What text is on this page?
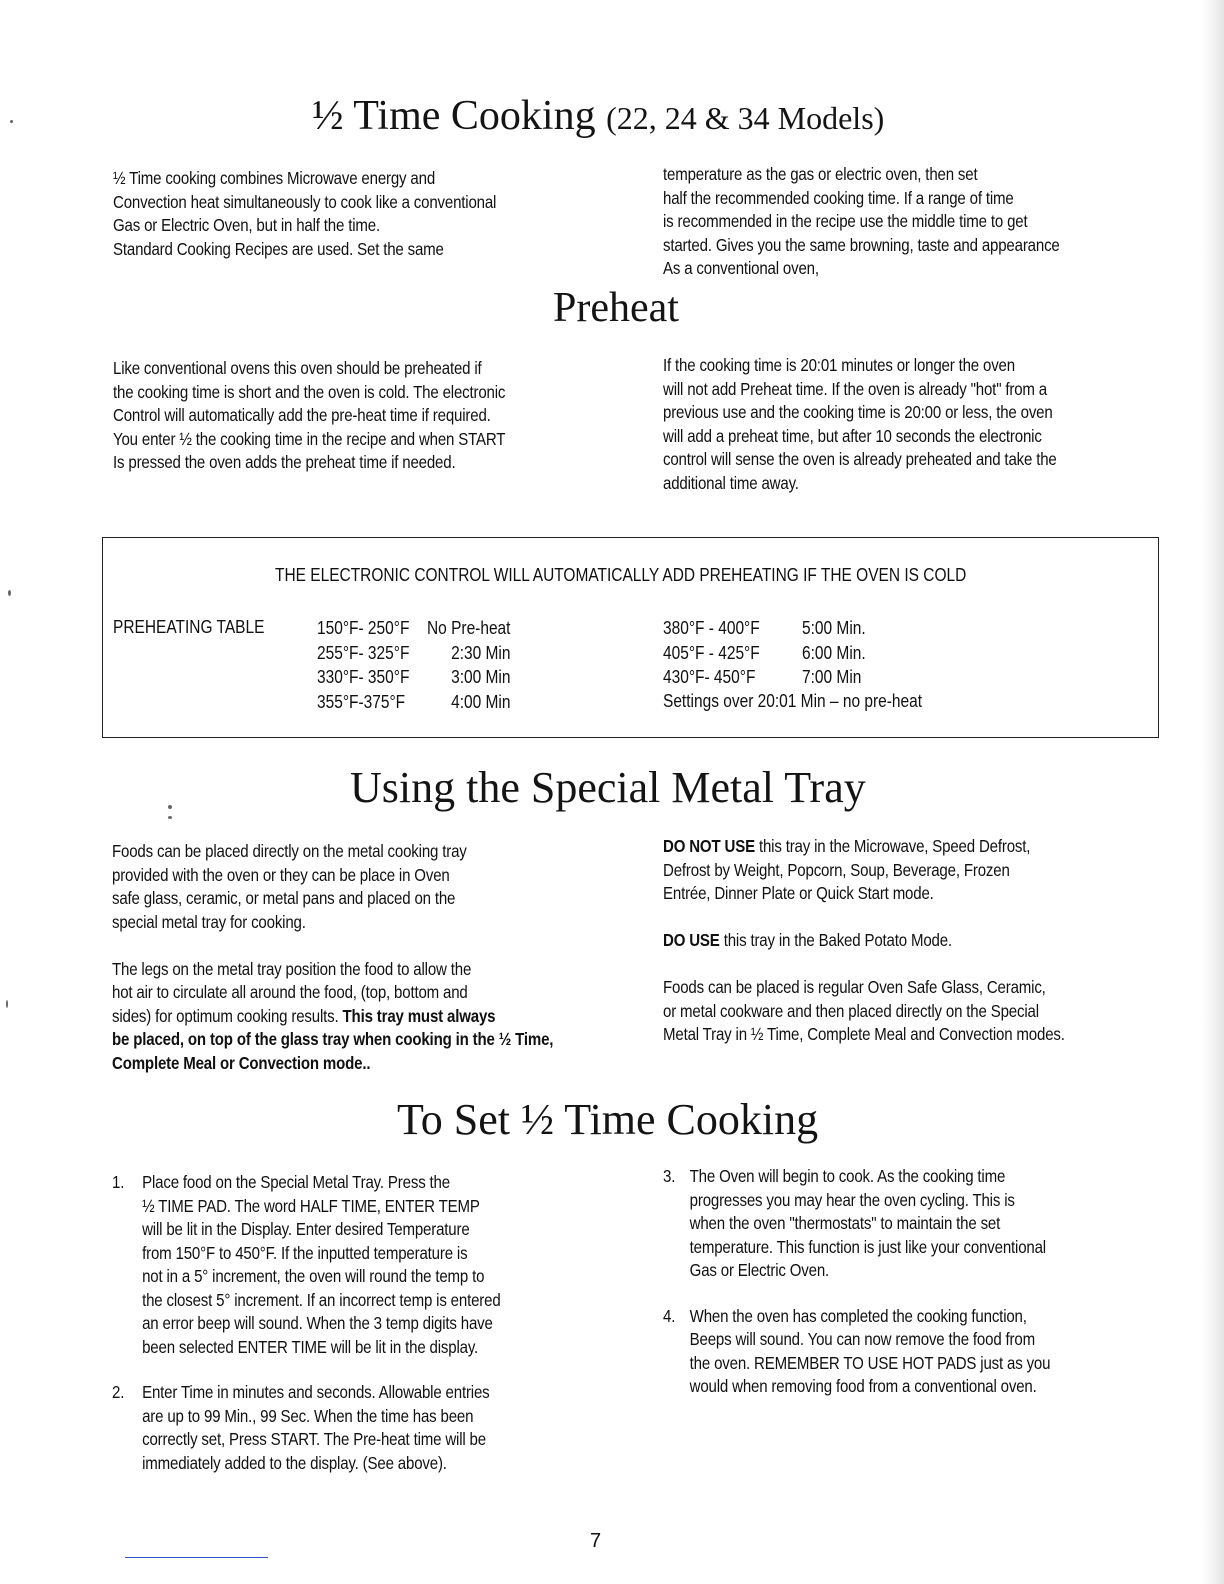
½ Time Cooking (22, 24 & 34 Models)

½ Time cooking combines Microwave energy and

Convection heat simultaneously to cook like a conventional

Gas or Electric Oven, but in half the time.

Standard Cooking Recipes are used. Set the same

temperature as the gas or electric oven, then set

half the recommended cooking time. If a range of time

is recommended in the recipe use the middle time to get

started. Gives you the same browning, taste and appearance

As a conventional oven,

Preheat

Like conventional ovens this oven should be preheated if

the cooking time is short and the oven is cold. The electronic

Control will automatically add the pre-heat time if required.

You enter ½ the cooking time in the recipe and when START

Is pressed the oven adds the preheat time if needed.

If the cooking time is 20:01 minutes or longer the oven

will not add Preheat time. If the oven is already "hot" from a

previous use and the cooking time is 20:00 or less, the oven

will add a preheat time, but after 10 seconds the electronic

control will sense the oven is already preheated and take the

additional time away.

THE ELECTRONIC CONTROL WILL AUTOMATICALLY ADD PREHEATING IF THE OVEN IS COLD
PREHEATING TABLE	150°F- 250°F
255°F- 325°F
330°F- 350°F
355°F-375°F
No Pre-heat
2:30 Min
3:00 Min
4:00 Min
380°F - 400°F
405°F - 425°F
430°F- 450°F
5:00 Min.
6:00 Min.
7:00 Min
Settings over 20:01 Min – no pre-heat
Using the Special Metal Tray

Foods can be placed directly on the metal cooking tray

provided with the oven or they can be place in Oven

safe glass, ceramic, or metal pans and placed on the

special metal tray for cooking.

The legs on the metal tray position the food to allow the

hot air to circulate all around the food, (top, bottom and

sides) for optimum cooking results. This tray must always

be placed, on top of the glass tray when cooking in the ½ Time,

Complete Meal or Convection mode..

DO NOT USE this tray in the Microwave, Speed Defrost,

Defrost by Weight, Popcorn, Soup, Beverage, Frozen

Entrée, Dinner Plate or Quick Start mode.

DO USE this tray in the Baked Potato Mode.

Foods can be placed is regular Oven Safe Glass, Ceramic,

or metal cookware and then placed directly on the Special

Metal Tray in ½ Time, Complete Meal and Convection modes.

To Set ½ Time Cooking
1. Place food on the Special Metal Tray. Press the

½ TIME PAD. The word HALF TIME, ENTER TEMP

will be lit in the Display. Enter desired Temperature

from 150°F to 450°F. If the inputted temperature is

not in a 5° increment, the oven will round the temp to

the closest 5° increment. If an incorrect temp is entered

an error beep will sound. When the 3 temp digits have

been selected ENTER TIME will be lit in the display.

2. Enter Time in minutes and seconds. Allowable entries

are up to 99 Min., 99 Sec. When the time has been

correctly set, Press START. The Pre-heat time will be

immediately added to the display. (See above).

3. The Oven will begin to cook. As the cooking time

progresses you may hear the oven cycling. This is

when the oven "thermostats" to maintain the set

temperature. This function is just like your conventional

Gas or Electric Oven.

4. When the oven has completed the cooking function,

Beeps will sound. You can now remove the food from

the oven. REMEMBER TO USE HOT PADS just as you

would when removing food from a conventional oven.

7
